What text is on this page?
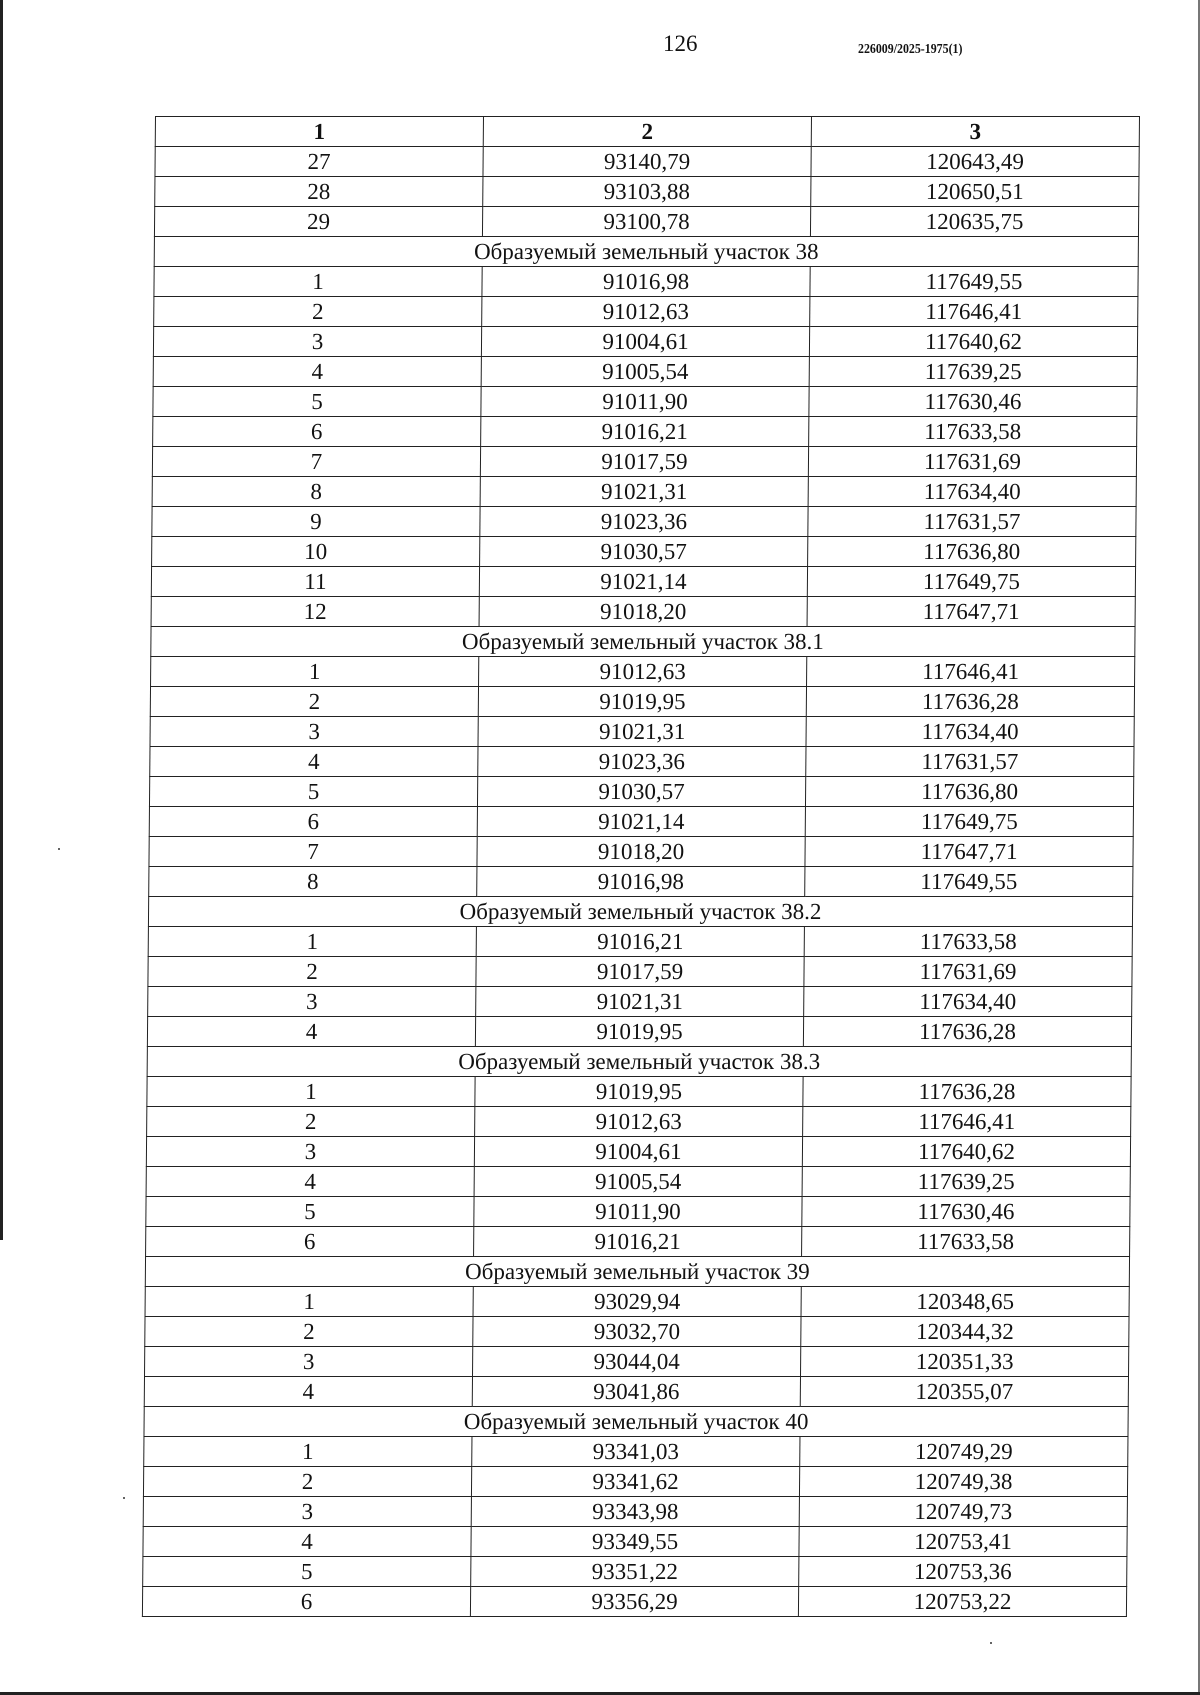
126	226009/2025-1975(1)
1	2	3
27	93140,79	120643,49
28	93103,88	120650,51
29	93100,78	120635,75
Образуемый земельный участок 38		
1	91016,98	117649,55
2	91012,63	117646,41
3	91004,61	117640,62
4	91005,54	117639,25
5	91011,90	117630,46
6	91016,21	117633,58
7	91017,59	117631,69
8	91021,31	117634,40
9	91023,36	117631,57
10	91030,57	117636,80
11	91021,14	117649,75
12	91018,20	117647,71
Образуемый земельный участок 38.1		
1	91012,63	117646,41
2	91019,95	117636,28
3	91021,31	117634,40
4	91023,36	117631,57
5	91030,57	117636,80
6	91021,14	117649,75
7	91018,20	117647,71
8	91016,98	117649,55
Образуемый земельный участок 38.2		
1	91016,21	117633,58
2	91017,59	117631,69
3	91021,31	117634,40
4	91019,95	117636,28
Образуемый земельный участок 38.3		
1	91019,95	117636,28
2	91012,63	117646,41
3	91004,61	117640,62
4	91005,54	117639,25
5	91011,90	117630,46
6	91016,21	117633,58
Образуемый земельный участок 39		
1	93029,94	120348,65
2	93032,70	120344,32
3	93044,04	120351,33
4	93041,86	120355,07
Образуемый земельный участок 40		
1	93341,03	120749,29
2	93341,62	120749,38
3	93343,98	120749,73
4	93349,55	120753,41
5	93351,22	120753,36
6	93356,29	120753,22
